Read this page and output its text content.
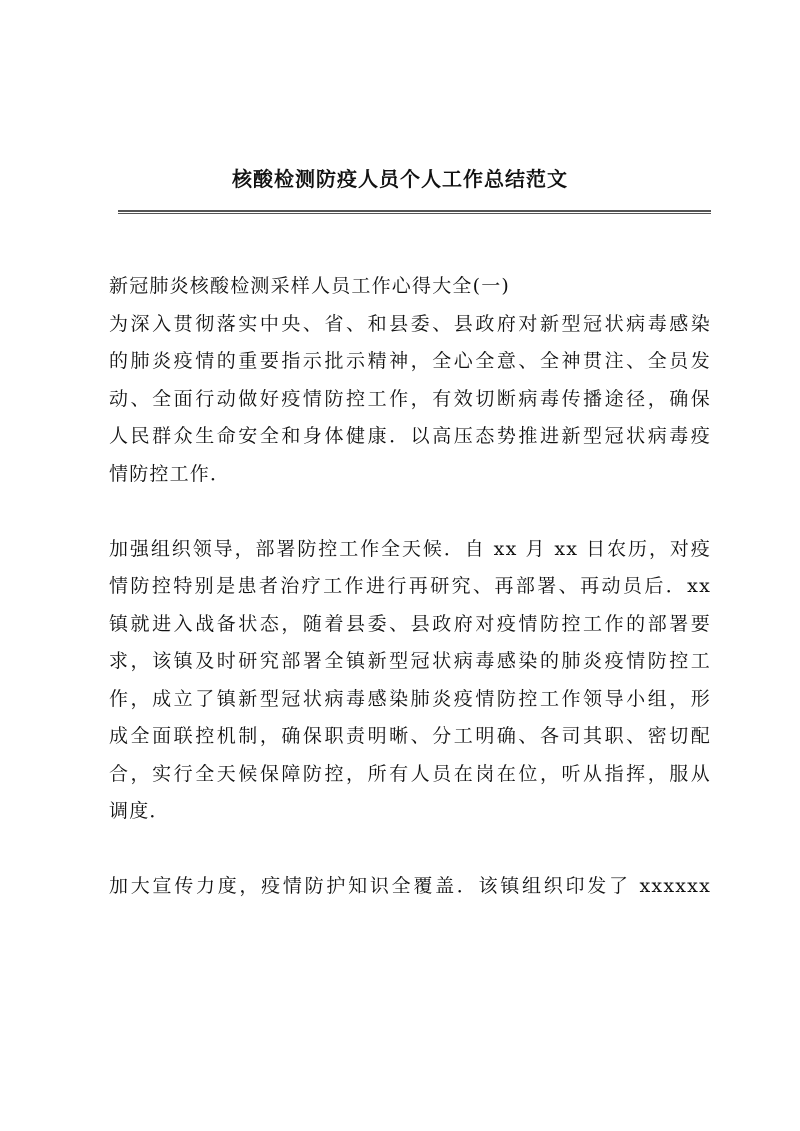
核酸检测防疫人员个人工作总结范文
新冠肺炎核酸检测采样人员工作心得大全(一)
为深入贯彻落实中央、省、和县委、县政府对新型冠状病毒感染
的肺炎疫情的重要指示批示精神，全心全意、全神贯注、全员发
动、全面行动做好疫情防控工作，有效切断病毒传播途径，确保
人民群众生命安全和身体健康．以高压态势推进新型冠状病毒疫
情防控工作．
加强组织领导，部署防控工作全天候．自 xx 月 xx 日农历，对疫
情防控特别是患者治疗工作进行再研究、再部署、再动员后．xx
镇就进入战备状态，随着县委、县政府对疫情防控工作的部署要
求，该镇及时研究部署全镇新型冠状病毒感染的肺炎疫情防控工
作，成立了镇新型冠状病毒感染肺炎疫情防控工作领导小组，形
成全面联控机制，确保职责明晰、分工明确、各司其职、密切配
合，实行全天候保障防控，所有人员在岗在位，听从指挥，服从
调度．
加大宣传力度，疫情防护知识全覆盖．该镇组织印发了 xxxxxx
